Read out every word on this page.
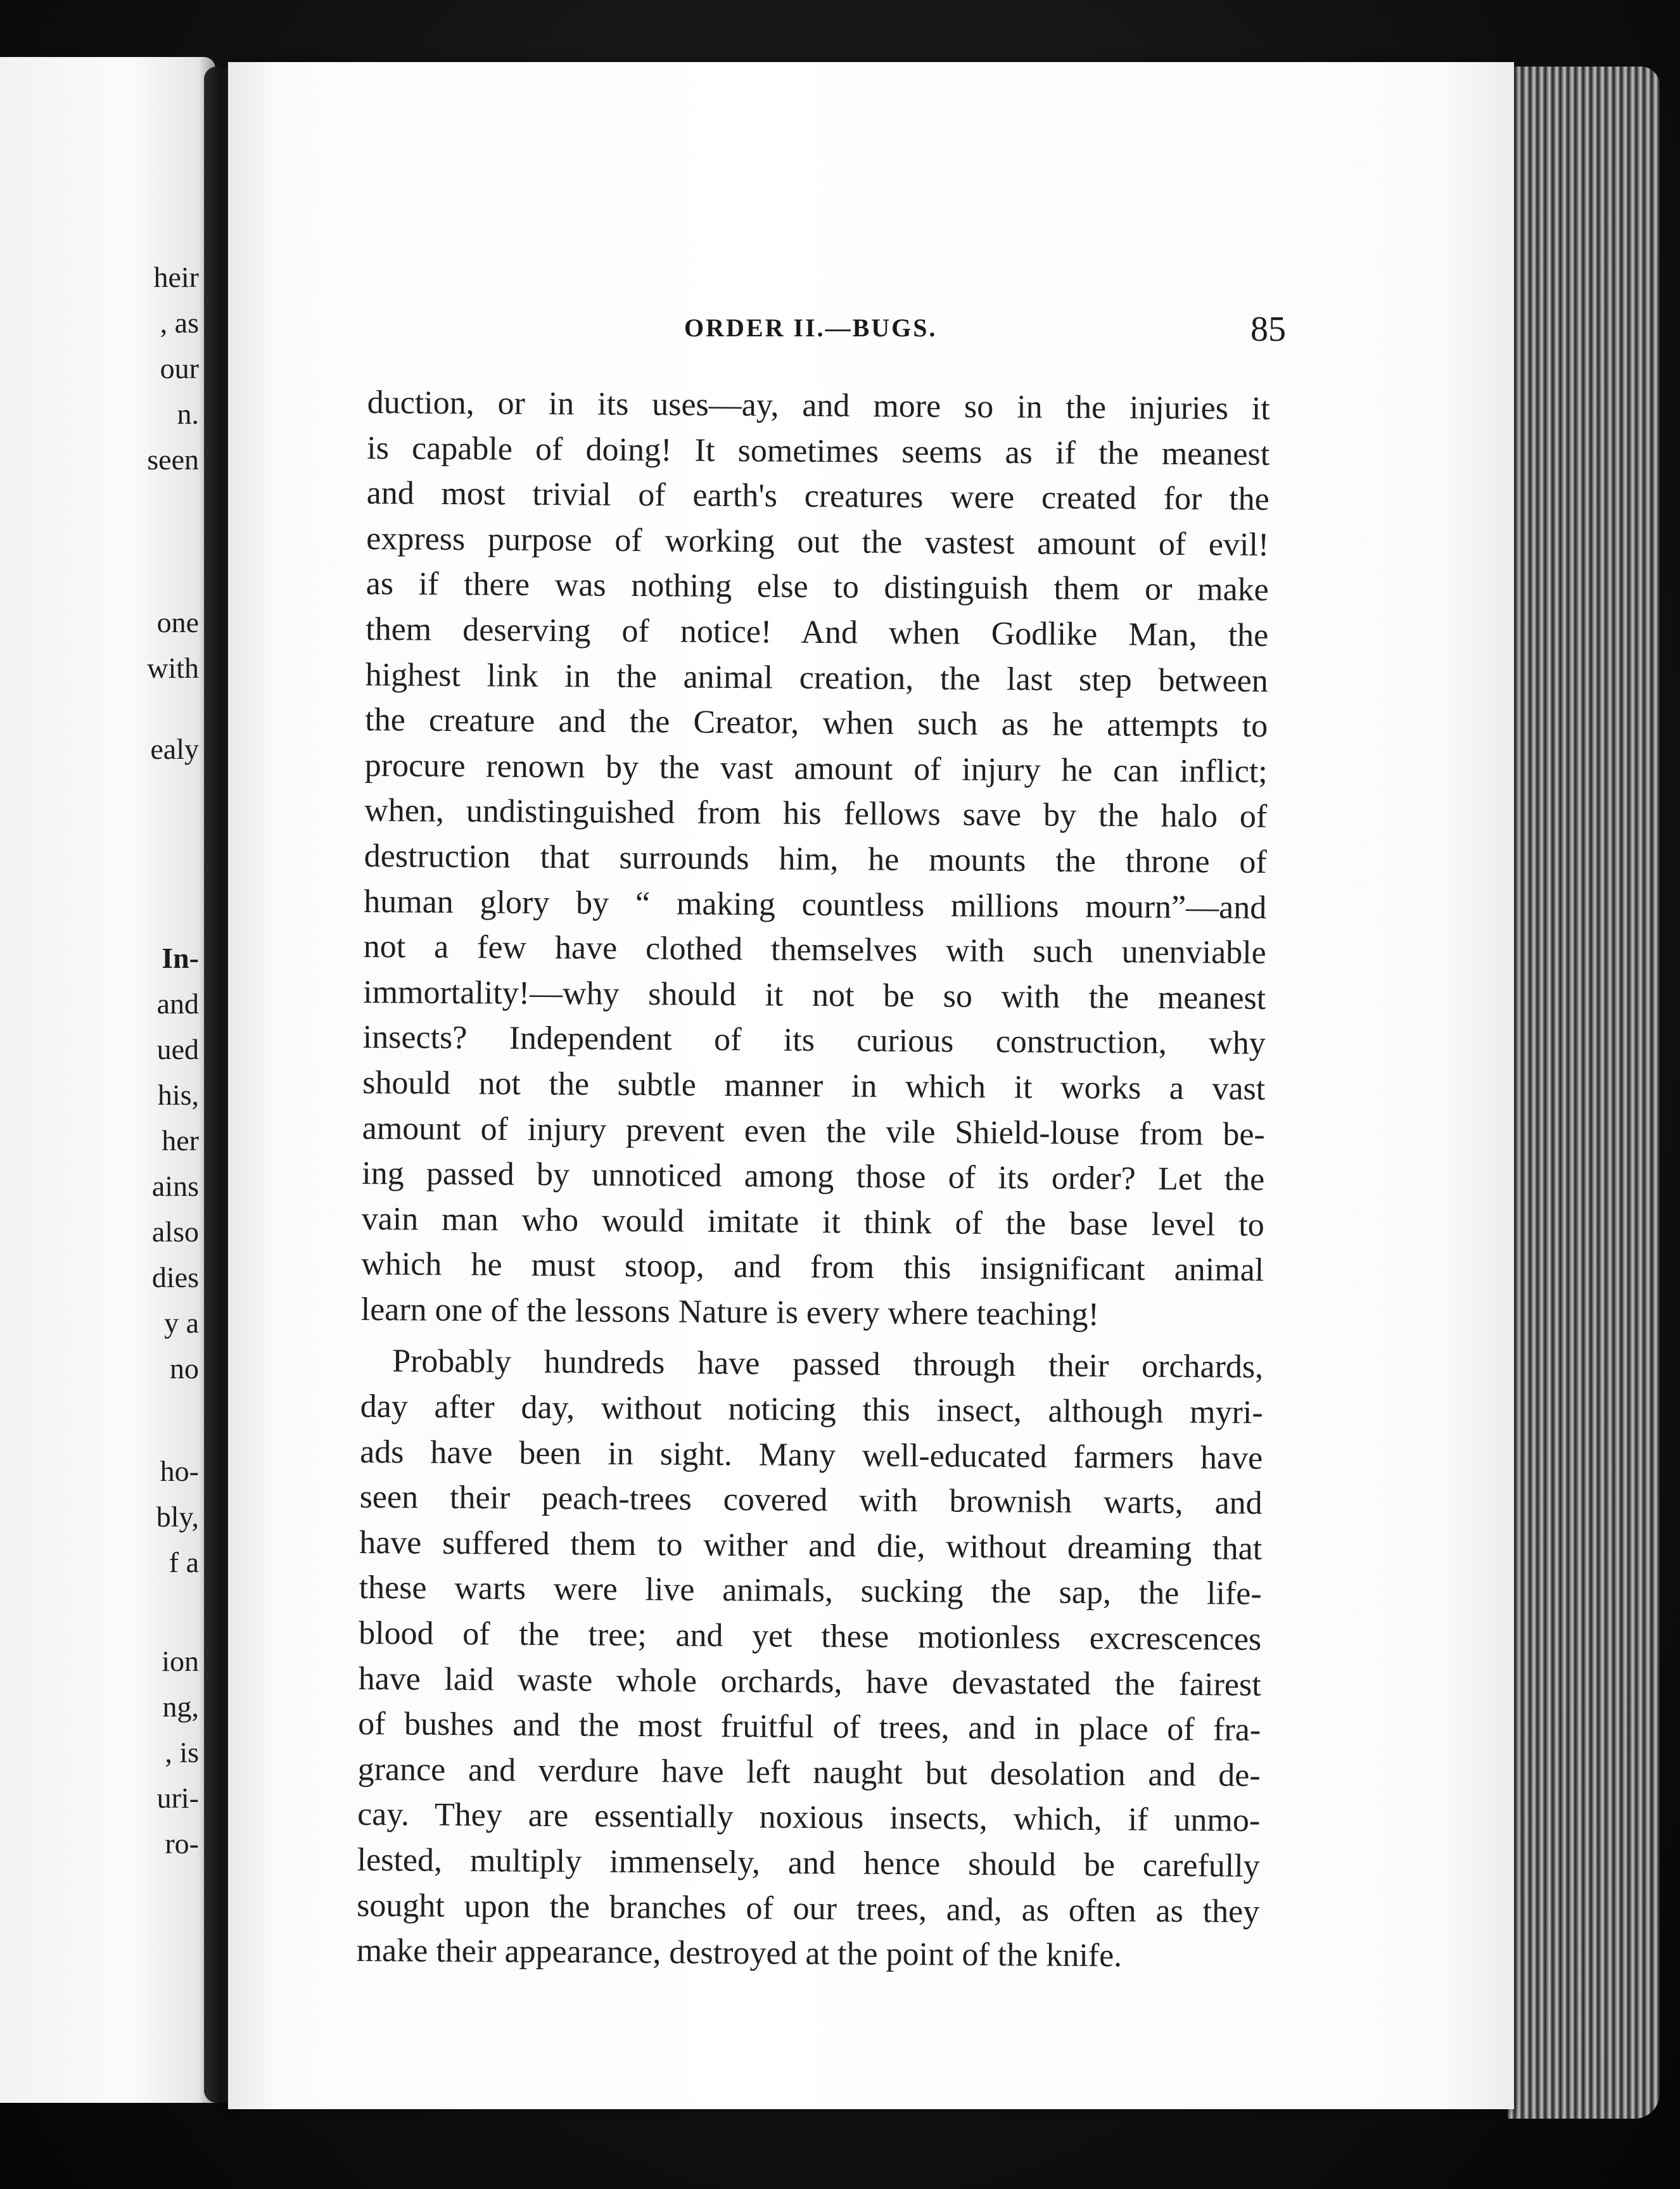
heir

, as

our

n.

seen

one

with

ealy

In-

and

ued

his,

her

ains

also

dies

y a

no

ho-

bly,

f a

ion

ng,

, is

uri-

ro-

ORDER II.—BUGS.	85

duction, or in its uses—ay, and more so in the injuries it
is capable of doing! It sometimes seems as if the meanest
and most trivial of earth's creatures were created for the
express purpose of working out the vastest amount of evil!
as if there was nothing else to distinguish them or make
them deserving of notice! And when Godlike Man, the
highest link in the animal creation, the last step between
the creature and the Creator, when such as he attempts to
procure renown by the vast amount of injury he can inflict;
when, undistinguished from his fellows save by the halo of
destruction that surrounds him, he mounts the throne of
human glory by “ making countless millions mourn”—and
not a few have clothed themselves with such unenviable
immortality!—why should it not be so with the meanest
insects? Independent of its curious construction, why
should not the subtle manner in which it works a vast
amount of injury prevent even the vile Shield-louse from be-
ing passed by unnoticed among those of its order? Let the
vain man who would imitate it think of the base level to
which he must stoop, and from this insignificant animal
learn one of the lessons Nature is every where teaching!
Probably hundreds have passed through their orchards,
day after day, without noticing this insect, although myri-
ads have been in sight. Many well-educated farmers have
seen their peach-trees covered with brownish warts, and
have suffered them to wither and die, without dreaming that
these warts were live animals, sucking the sap, the life-
blood of the tree; and yet these motionless excrescences
have laid waste whole orchards, have devastated the fairest
of bushes and the most fruitful of trees, and in place of fra-
grance and verdure have left naught but desolation and de-
cay. They are essentially noxious insects, which, if unmo-
lested, multiply immensely, and hence should be carefully
sought upon the branches of our trees, and, as often as they
make their appearance, destroyed at the point of the knife.
